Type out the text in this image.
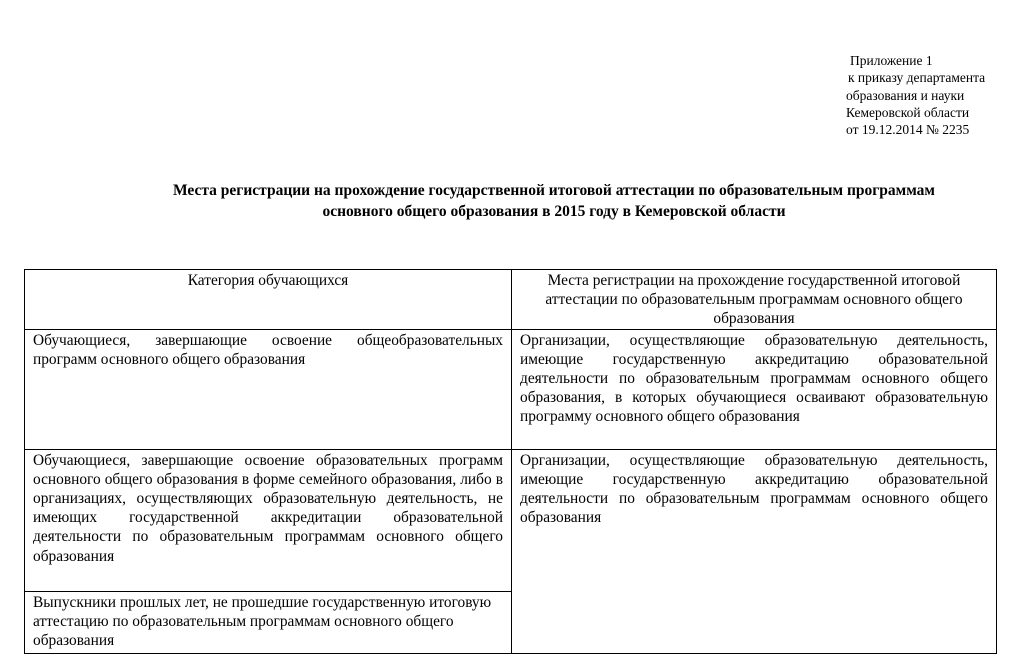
Приложение 1
к приказу департамента
образования и науки
Кемеровской области
от 19.12.2014 № 2235
Места регистрации на прохождение государственной итоговой аттестации по образовательным программам
основного общего образования в 2015 году в Кемеровской области
Категория обучающихся	Места регистрации на прохождение государственной итоговой аттестации по образовательным программам основного общего образования
Обучающиеся, завершающие освоение общеобразовательных программ основного общего образования	Организации, осуществляющие образовательную деятельность, имеющие государственную аккредитацию образовательной деятельности по образовательным программам основного общего образования, в которых обучающиеся осваивают образовательную программу основного общего образования
Обучающиеся, завершающие освоение образовательных программ основного общего образования в форме семейного образования, либо в организациях, осуществляющих образовательную деятельность, не имеющих государственной аккредитации образовательной деятельности по образовательным программам основного общего образования	Организации, осуществляющие образовательную деятельность, имеющие государственную аккредитацию образовательной деятельности по образовательным программам основного общего образования
Выпускники прошлых лет, не прошедшие государственную итоговую аттестацию по образовательным программам основного общего образования	
